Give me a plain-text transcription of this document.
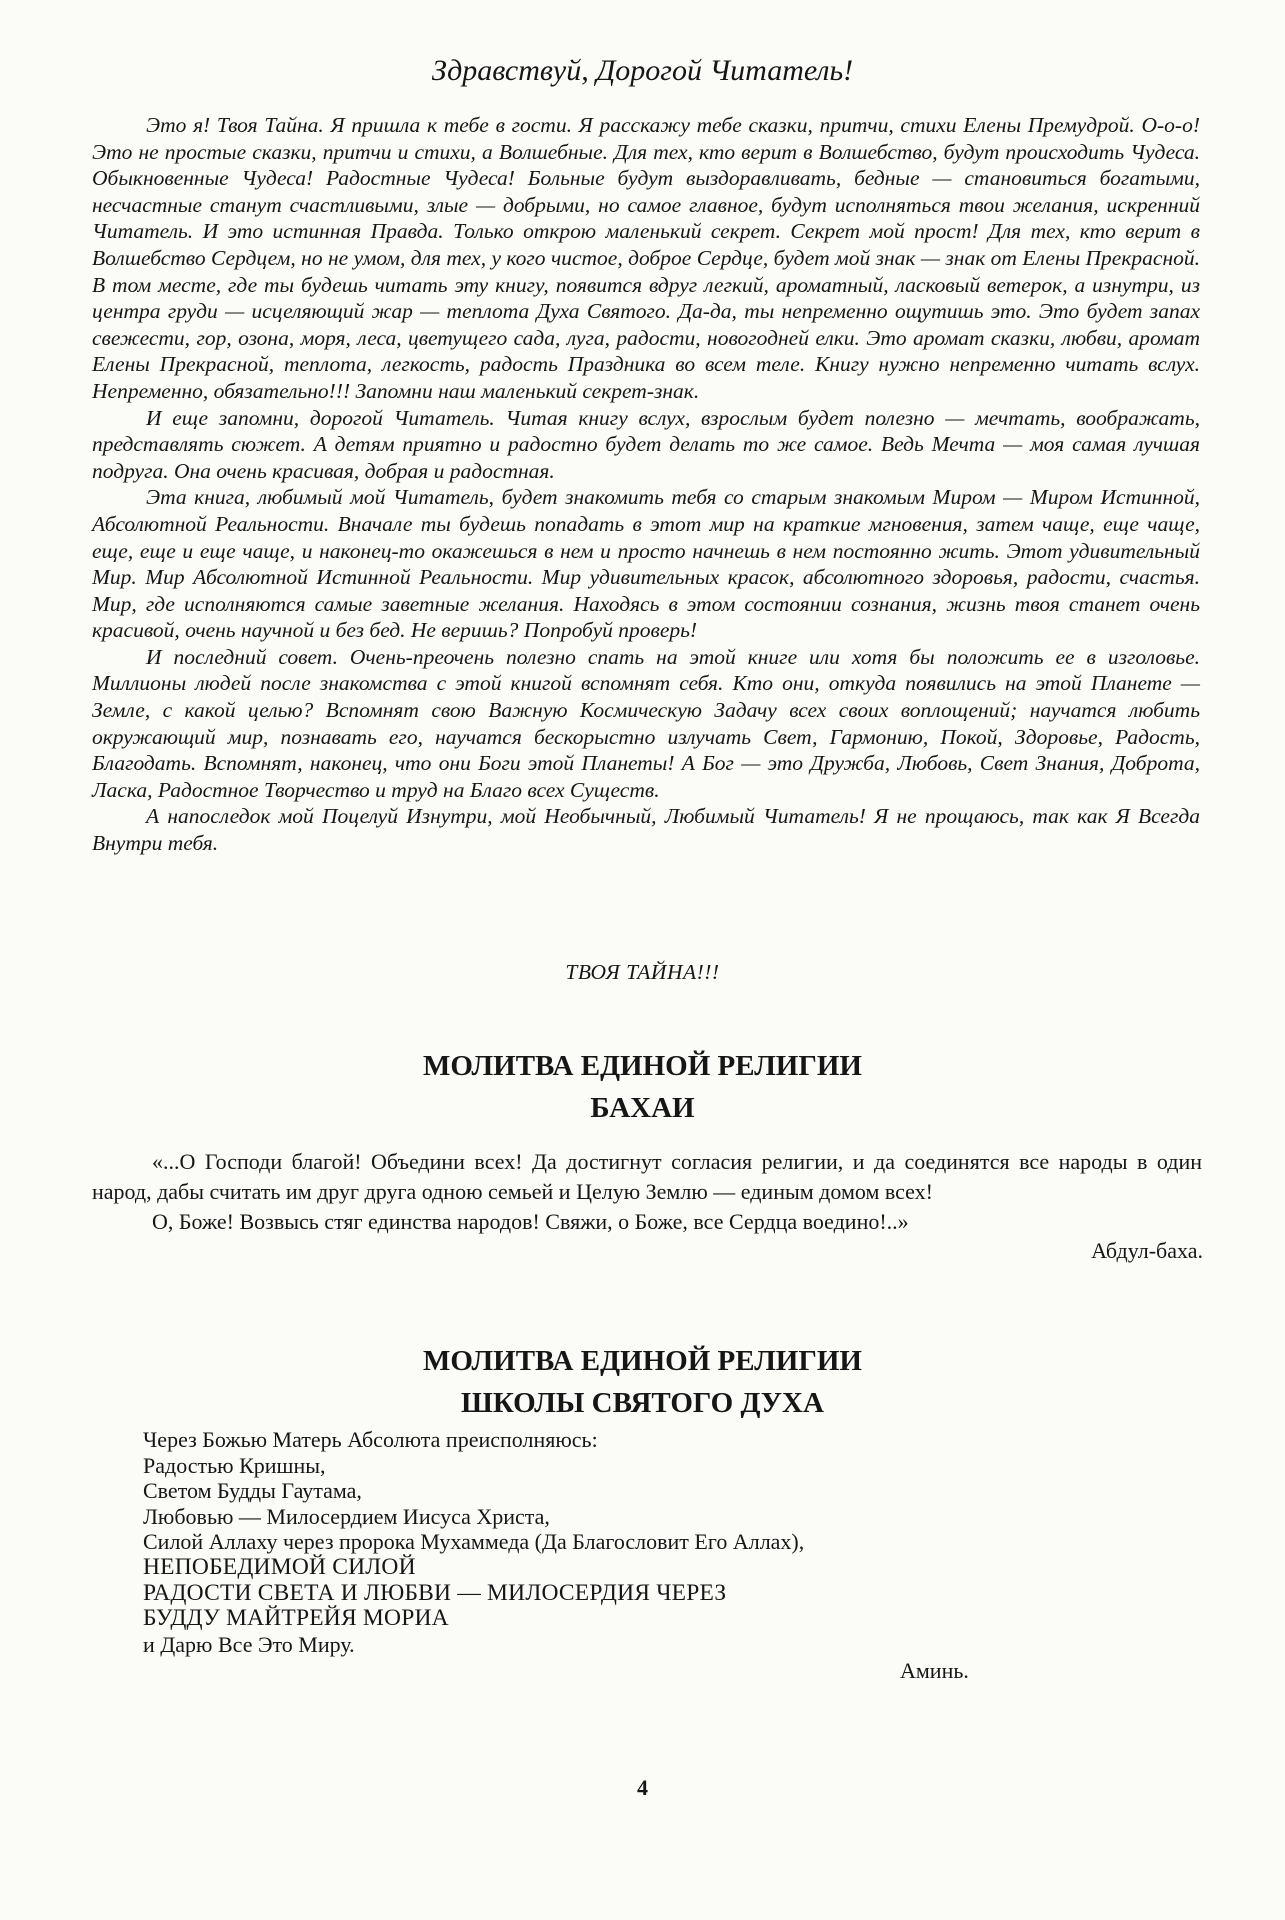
Здравствуй, Дорогой Читатель!

Это я! Твоя Тайна. Я пришла к тебе в гости. Я расскажу тебе сказки, притчи, стихи Елены Премудрой. О-о-о! Это не простые сказки, притчи и стихи, а Волшебные. Для тех, кто верит в Волшебство, будут происходить Чудеса. Обыкновенные Чудеса! Радостные Чудеса! Больные будут выздоравливать, бедные — становиться богатыми, несчастные станут счастливыми, злые — добрыми, но самое главное, будут исполняться твои желания, искренний Читатель. И это истинная Правда. Только открою маленький секрет. Секрет мой прост! Для тех, кто верит в Волшебство Сердцем, но не умом, для тех, у кого чистое, доброе Сердце, будет мой знак — знак от Елены Прекрасной. В том месте, где ты будешь читать эту книгу, появится вдруг легкий, ароматный, ласковый ветерок, а изнутри, из центра груди — исцеляющий жар — теплота Духа Святого. Да-да, ты непременно ощутишь это. Это будет запах свежести, гор, озона, моря, леса, цветущего сада, луга, радости, новогодней елки. Это аромат сказки, любви, аромат Елены Прекрасной, теплота, легкость, радость Праздника во всем теле. Книгу нужно непременно читать вслух. Непременно, обязательно!!! Запомни наш маленький секрет-знак.

И еще запомни, дорогой Читатель. Читая книгу вслух, взрослым будет полезно — мечтать, воображать, представлять сюжет. А детям приятно и радостно будет делать то же самое. Ведь Мечта — моя самая лучшая подруга. Она очень красивая, добрая и радостная.

Эта книга, любимый мой Читатель, будет знакомить тебя со старым знакомым Миром — Миром Истинной, Абсолютной Реальности. Вначале ты будешь попадать в этот мир на краткие мгновения, затем чаще, еще чаще, еще, еще и еще чаще, и наконец-то окажешься в нем и просто начнешь в нем постоянно жить. Этот удивительный Мир. Мир Абсолютной Истинной Реальности. Мир удивительных красок, абсолютного здоровья, радости, счастья. Мир, где исполняются самые заветные желания. Находясь в этом состоянии сознания, жизнь твоя станет очень красивой, очень научной и без бед. Не веришь? Попробуй проверь!

И последний совет. Очень-преочень полезно спать на этой книге или хотя бы положить ее в изголовье. Миллионы людей после знакомства с этой книгой вспомнят себя. Кто они, откуда появились на этой Планете — Земле, с какой целью? Вспомнят свою Важную Космическую Задачу всех своих воплощений; научатся любить окружающий мир, познавать его, научатся бескорыстно излучать Свет, Гармонию, Покой, Здоровье, Радость, Благодать. Вспомнят, наконец, что они Боги этой Планеты! А Бог — это Дружба, Любовь, Свет Знания, Доброта, Ласка, Радостное Творчество и труд на Благо всех Существ.

А напоследок мой Поцелуй Изнутри, мой Необычный, Любимый Читатель! Я не прощаюсь, так как Я Всегда Внутри тебя.

ТВОЯ ТАЙНА!!!
МОЛИТВА ЕДИНОЙ РЕЛИГИИ
БАХАИ

«...О Господи благой! Объедини всех! Да достигнут согласия религии, и да соединятся все народы в один народ, дабы считать им друг друга одною семьей и Целую Землю — единым домом всех!

О, Боже! Возвысь стяг единства народов! Свяжи, о Боже, все Сердца воедино!..»

Абдул-баха.
МОЛИТВА ЕДИНОЙ РЕЛИГИИ
ШКОЛЫ СВЯТОГО ДУХА
Через Божью Матерь Абсолюта преисполняюсь:
Радостью Кришны,
Светом Будды Гаутама,
Любовью — Милосердием Иисуса Христа,
Силой Аллаху через пророка Мухаммеда (Да Благословит Его Аллах),
НЕПОБЕДИМОЙ СИЛОЙ
РАДОСТИ СВЕТА И ЛЮБВИ — МИЛОСЕРДИЯ ЧЕРЕЗ
БУДДУ МАЙТРЕЙЯ МОРИА
и Дарю Все Это Миру.
Аминь.
4
